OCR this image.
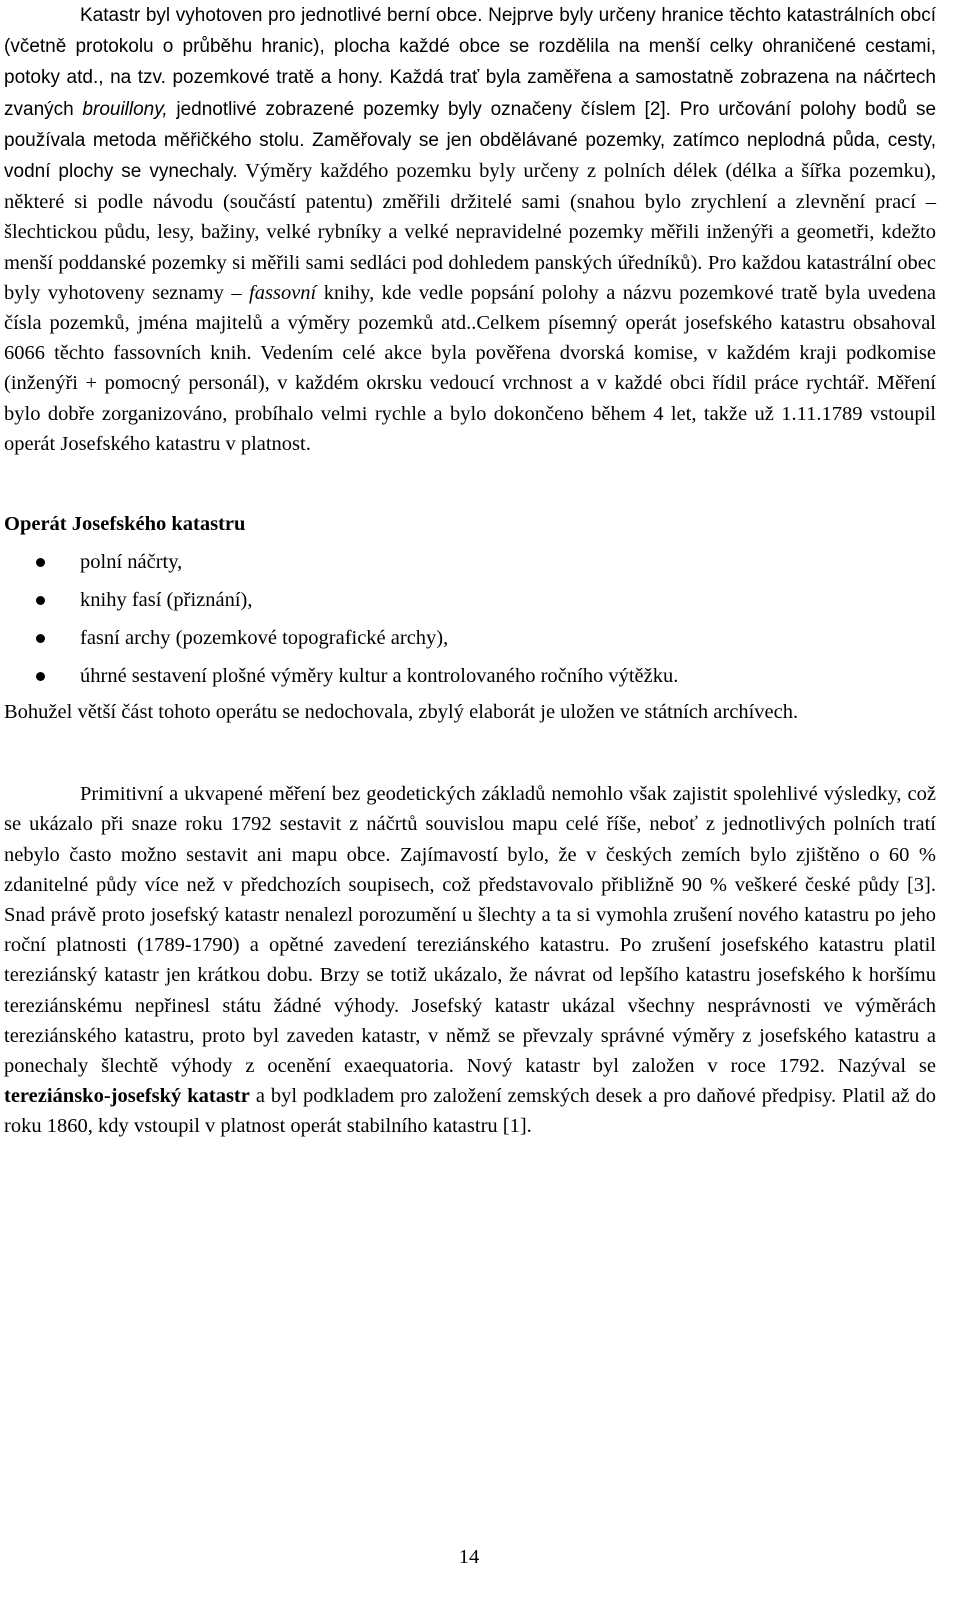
Katastr byl vyhotoven pro jednotlivé berní obce. Nejprve byly určeny hranice těchto katastrálních obcí (včetně protokolu o průběhu hranic), plocha každé obce se rozdělila na menší celky ohraničené cestami, potoky atd., na tzv. pozemkové tratě a hony. Každá trať byla zaměřena a samostatně zobrazena na náčrtech zvaných brouillony, jednotlivé zobrazené pozemky byly označeny číslem [2]. Pro určování polohy bodů se používala metoda měřičkého stolu. Zaměřovaly se jen obdělávané pozemky, zatímco neplodná půda, cesty, vodní plochy se vynechaly. Výměry každého pozemku byly určeny z polních délek (délka a šířka pozemku), některé si podle návodu (součástí patentu) změřili držitelé sami (snahou bylo zrychlení a zlevnění prací – šlechtickou půdu, lesy, bažiny, velké rybníky a velké nepravidelné pozemky měřili inženýři a geometři, kdežto menší poddanské pozemky si měřili sami sedláci pod dohledem panských úředníků). Pro každou katastrální obec byly vyhotoveny seznamy – fassovní knihy, kde vedle popsání polohy a názvu pozemkové tratě byla uvedena čísla pozemků, jména majitelů a výměry pozemků atd..Celkem písemný operát josefského katastru obsahoval 6066 těchto fassovních knih. Vedením celé akce byla pověřena dvorská komise, v každém kraji podkomise (inženýři + pomocný personál), v každém okrsku vedoucí vrchnost a v každé obci řídil práce rychtář. Měření bylo dobře zorganizováno, probíhalo velmi rychle a bylo dokončeno během 4 let, takže už 1.11.1789 vstoupil operát Josefského katastru v platnost.

Operát Josefského katastru
polní náčrty,
knihy fasí (přiznání),
fasní archy (pozemkové topografické archy),
úhrné sestavení plošné výměry kultur a kontrolovaného ročního výtěžku.

Bohužel větší část tohoto operátu se nedochovala, zbylý elaborát je uložen ve státních archívech.

Primitivní a ukvapené měření bez geodetických základů nemohlo však zajistit spolehlivé výsledky, což se ukázalo při snaze roku 1792 sestavit z náčrtů souvislou mapu celé říše, neboť z jednotlivých polních tratí nebylo často možno sestavit ani mapu obce. Zajímavostí bylo, že v českých zemích bylo zjištěno o 60 % zdanitelné půdy více než v předchozích soupisech, což představovalo přibližně 90 % veškeré české půdy [3]. Snad právě proto josefský katastr nenalezl porozumění u šlechty a ta si vymohla zrušení nového katastru po jeho roční platnosti (1789-1790) a opětné zavedení tereziánského katastru. Po zrušení josefského katastru platil tereziánský katastr jen krátkou dobu. Brzy se totiž ukázalo, že návrat od lepšího katastru josefského k horšímu tereziánskému nepřinesl státu žádné výhody. Josefský katastr ukázal všechny nesprávnosti ve výměrách tereziánského katastru, proto byl zaveden katastr, v němž se převzaly správné výměry z josefského katastru a ponechaly šlechtě výhody z ocenění exaequatoria. Nový katastr byl založen v roce 1792. Nazýval se tereziánsko-josefský katastr a byl podkladem pro založení zemských desek a pro daňové předpisy. Platil až do roku 1860, kdy vstoupil v platnost operát stabilního katastru [1].

14
